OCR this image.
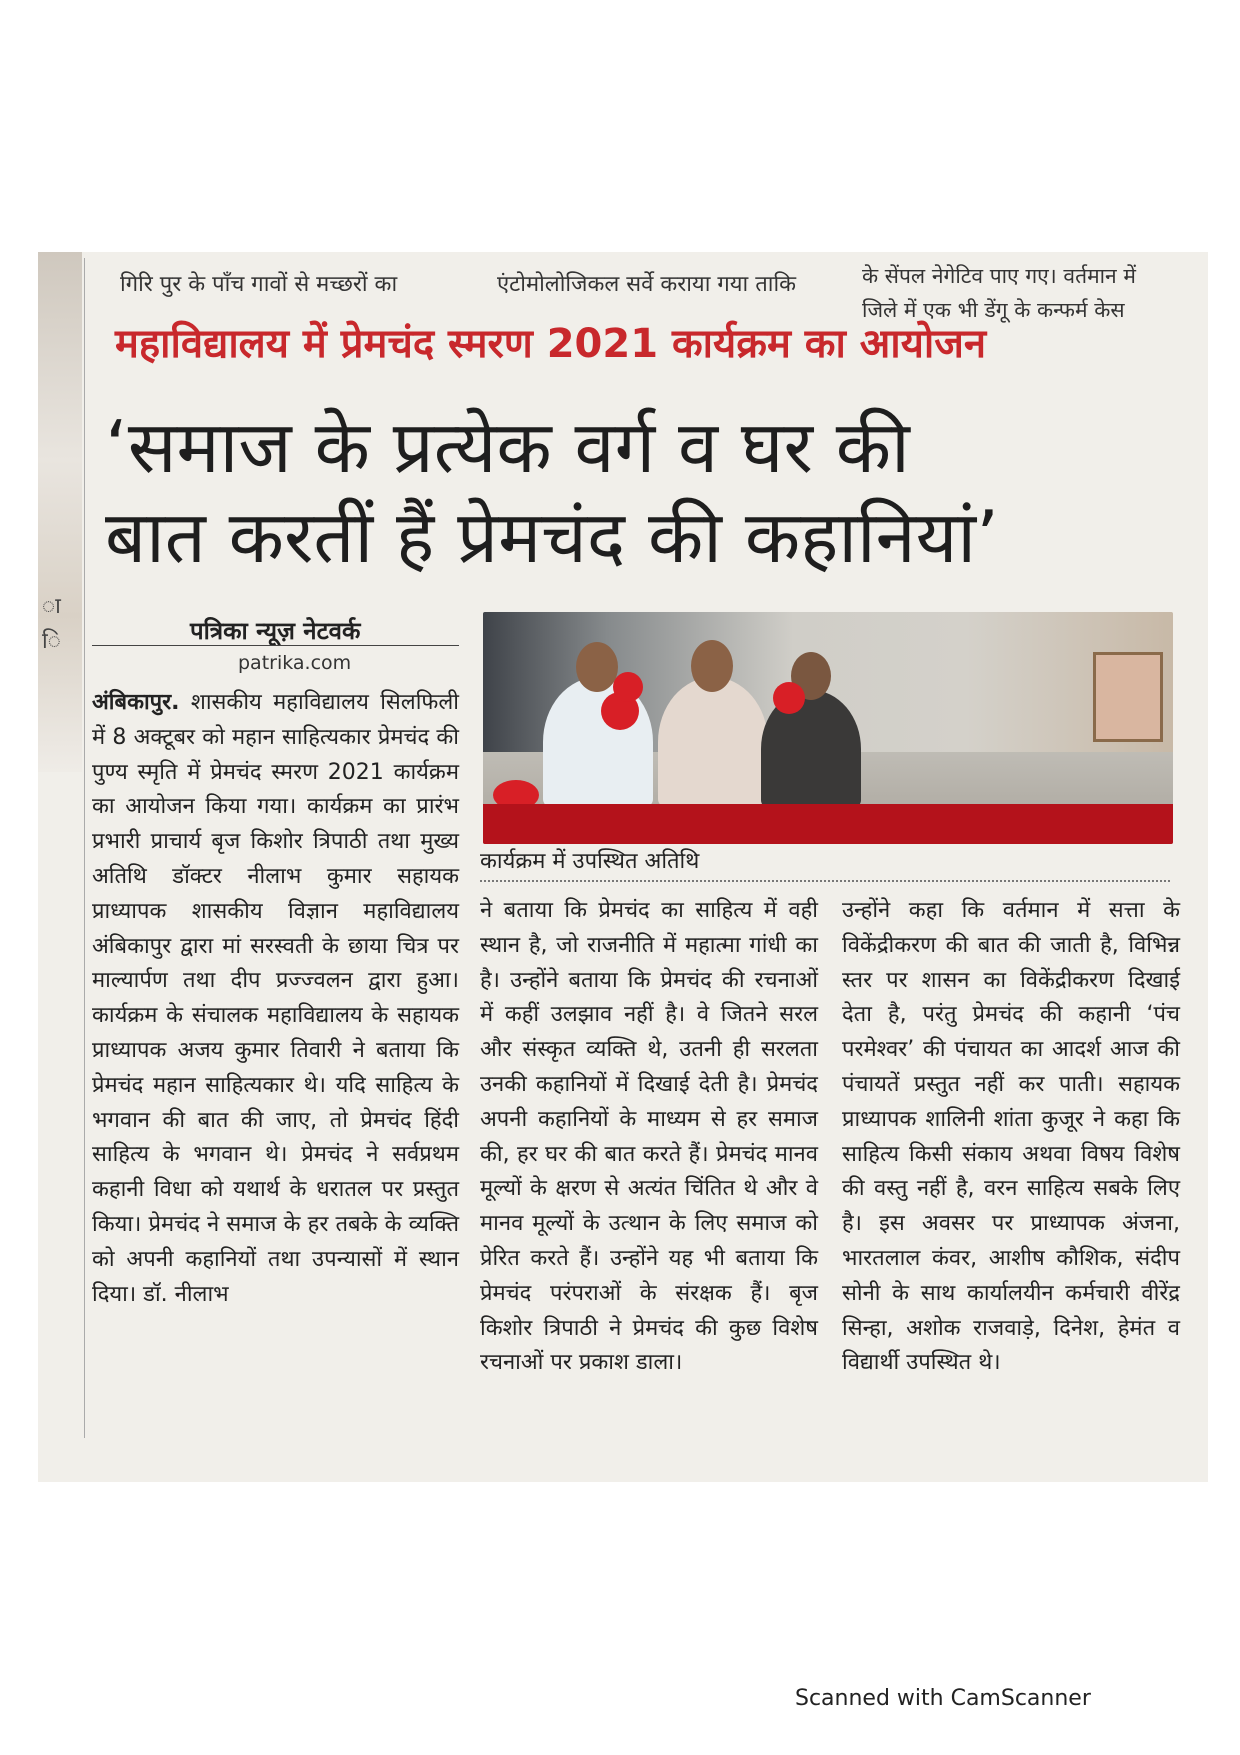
ा
ि
गिरि पुर के पाँच गावों से मच्छरों का	एंटोमोलोजिकल सर्वे कराया गया ताकि	के सेंपल नेगेटिव पाए गए। वर्तमान में
जिले में एक भी डेंगू के कन्फर्म केस
महाविद्यालय में प्रेमचंद स्मरण 2021 कार्यक्रम का आयोजन
‘समाज के प्रत्येक वर्ग व घर की
बात करतीं हैं प्रेमचंद की कहानियां’
पत्रिका न्यूज़ नेटवर्क
patrika.com
कार्यक्रम में उपस्थित अतिथि
अंबिकापुर. शासकीय महाविद्यालय सिलफिली में 8 अक्टूबर को महान साहित्यकार प्रेमचंद की पुण्य स्मृति में प्रेमचंद स्मरण 2021 कार्यक्रम का आयोजन किया गया। कार्यक्रम का प्रारंभ प्रभारी प्राचार्य बृज किशोर त्रिपाठी तथा मुख्य अतिथि डॉक्टर नीलाभ कुमार सहायक प्राध्यापक शासकीय विज्ञान महाविद्यालय अंबिकापुर द्वारा मां सरस्वती के छाया चित्र पर माल्यार्पण तथा दीप प्रज्ज्वलन द्वारा हुआ। कार्यक्रम के संचालक महाविद्यालय के सहायक प्राध्यापक अजय कुमार तिवारी ने बताया कि प्रेमचंद महान साहित्यकार थे। यदि साहित्य के भगवान की बात की जाए, तो प्रेमचंद हिंदी साहित्य के भगवान थे। प्रेमचंद ने सर्वप्रथम कहानी विधा को यथार्थ के धरातल पर प्रस्तुत किया। प्रेमचंद ने समाज के हर तबके के व्यक्ति को अपनी कहानियों तथा उपन्यासों में स्थान दिया। डॉ. नीलाभ
ने बताया कि प्रेमचंद का साहित्य में वही स्थान है, जो राजनीति में महात्मा गांधी का है। उन्होंने बताया कि प्रेमचंद की रचनाओं में कहीं उलझाव नहीं है। वे जितने सरल और संस्कृत व्यक्ति थे, उतनी ही सरलता उनकी कहानियों में दिखाई देती है। प्रेमचंद अपनी कहानियों के माध्यम से हर समाज की, हर घर की बात करते हैं। प्रेमचंद मानव मूल्यों के क्षरण से अत्यंत चिंतित थे और वे मानव मूल्यों के उत्थान के लिए समाज को प्रेरित करते हैं। उन्होंने यह भी बताया कि प्रेमचंद परंपराओं के संरक्षक हैं। बृज किशोर त्रिपाठी ने प्रेमचंद की कुछ विशेष रचनाओं पर प्रकाश डाला।
उन्होंने कहा कि वर्तमान में सत्ता के विकेंद्रीकरण की बात की जाती है, विभिन्न स्तर पर शासन का विकेंद्रीकरण दिखाई देता है, परंतु प्रेमचंद की कहानी ‘पंच परमेश्वर’ की पंचायत का आदर्श आज की पंचायतें प्रस्तुत नहीं कर पाती। सहायक प्राध्यापक शालिनी शांता कुजूर ने कहा कि साहित्य किसी संकाय अथवा विषय विशेष की वस्तु नहीं है, वरन साहित्य सबके लिए है। इस अवसर पर प्राध्यापक अंजना, भारतलाल कंवर, आशीष कौशिक, संदीप सोनी के साथ कार्यालयीन कर्मचारी वीरेंद्र सिन्हा, अशोक राजवाड़े, दिनेश, हेमंत व विद्यार्थी उपस्थित थे।
Scanned with CamScanner
